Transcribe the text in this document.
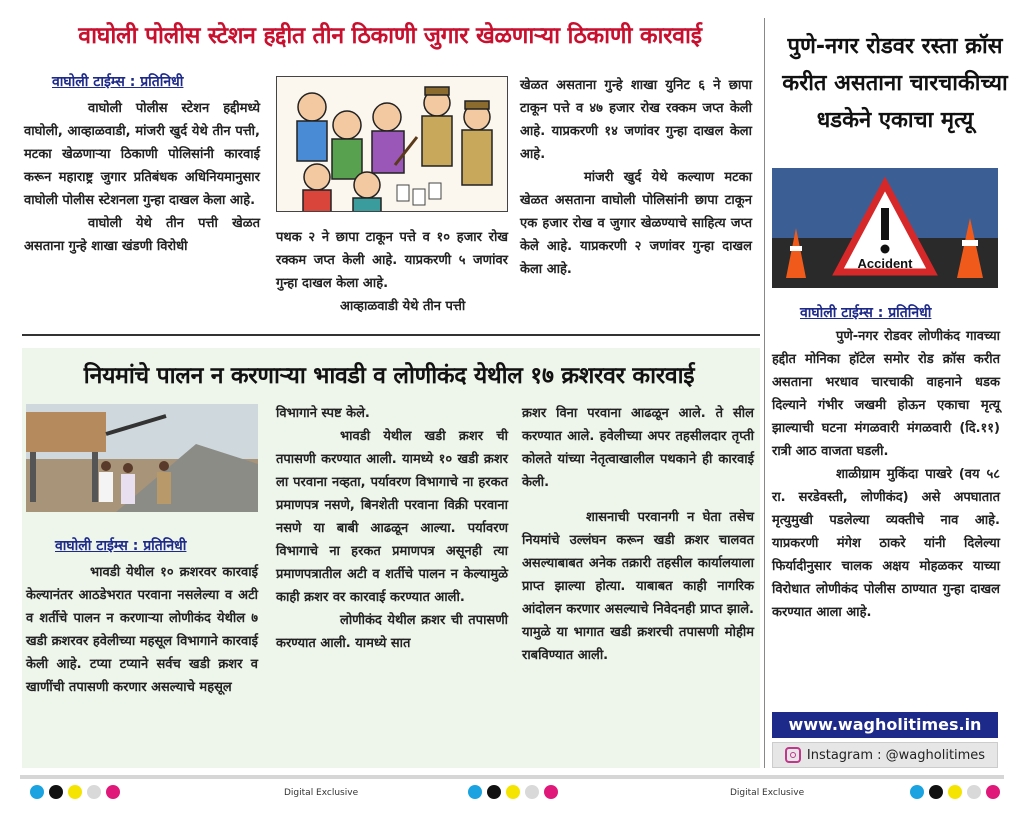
वाघोली पोलीस स्टेशन हद्दीत तीन ठिकाणी जुगार खेळणाऱ्या ठिकाणी कारवाई
वाघोली टाईम्स : प्रतिनिधी

वाघोली पोलीस स्टेशन हद्दीमध्ये वाघोली, आव्हाळवाडी, मांजरी खुर्द येथे तीन पत्ती, मटका खेळणाऱ्या ठिकाणी पोलिसांनी कारवाई करून महाराष्ट्र जुगार प्रतिबंधक अधिनियमानुसार वाघोली पोलीस स्टेशनला गुन्हा दाखल केला आहे.

वाघोली येथे तीन पत्ती खेळत असताना गुन्हे शाखा खंडणी विरोधी

पथक २ ने छापा टाकून पत्ते व १० हजार रोख रक्कम जप्त केली आहे. याप्रकरणी ५ जणांवर गुन्हा दाखल केला आहे.

आव्हाळवाडी येथे तीन पत्ती

खेळत असताना गुन्हे शाखा युनिट ६ ने छापा टाकून पत्ते व ४७ हजार रोख रक्कम जप्त केली आहे. याप्रकरणी १४ जणांवर गुन्हा दाखल केला आहे.

मांजरी खुर्द येथे कल्याण मटका खेळत असताना वाघोली पोलिसांनी छापा टाकून एक हजार रोख व जुगार खेळण्याचे साहित्य जप्त केले आहे. याप्रकरणी २ जणांवर गुन्हा दाखल केला आहे.

नियमांचे पालन न करणाऱ्या भावडी व लोणीकंद येथील १७ क्रशरवर कारवाई
वाघोली टाईम्स : प्रतिनिधी

भावडी येथील १० क्रशरवर कारवाई केल्यानंतर आठडेभरात परवाना नसलेल्या व अटी व शर्तीचे पालन न करणाऱ्या लोणीकंद येथील ७ खडी क्रशरवर हवेलीच्या महसूल विभागाने कारवाई केली आहे. टप्या टप्याने सर्वच खडी क्रशर व खाणींची तपासणी करणार असल्याचे महसूल

विभागाने स्पष्ट केले.

भावडी येथील खडी क्रशर ची तपासणी करण्यात आली. यामध्ये १० खडी क्रशर ला परवाना नव्हता, पर्यावरण विभागाचे ना हरकत प्रमाणपत्र नसणे, बिनशेती परवाना विक्री परवाना नसणे या बाबी आढळून आल्या. पर्यावरण विभागाचे ना हरकत प्रमाणपत्र असूनही त्या प्रमाणपत्रातील अटी व शर्तीचे पालन न केल्यामुळे काही क्रशर वर कारवाई करण्यात आली.

लोणीकंद येथील क्रशर ची तपासणी करण्यात आली. यामध्ये सात

क्रशर विना परवाना आढळून आले. ते सील करण्यात आले. हवेलीच्या अपर तहसीलदार तृप्ती कोलते यांच्या नेतृत्वाखालील पथकाने ही कारवाई केली.

शासनाची परवानगी न घेता तसेच नियमांचे उल्लंघन करून खडी क्रशर चालवत असल्याबाबत अनेक तक्रारी तहसील कार्यालयाला प्राप्त झाल्या होत्या. याबाबत काही नागरिक आंदोलन करणार असल्याचे निवेदनही प्राप्त झाले. यामुळे या भागात खडी क्रशरची तपासणी मोहीम राबविण्यात आली.

पुणे-नगर रोडवर रस्ता क्रॉस करीत असताना चारचाकीच्या धडकेने एकाचा मृत्यू
Accident
वाघोली टाईम्स : प्रतिनिधी

पुणे-नगर रोडवर लोणीकंद गावच्या हद्दीत मोनिका हॉटेल समोर रोड क्रॉस करीत असताना भरधाव चारचाकी वाहनाने धडक दिल्याने गंभीर जखमी होऊन एकाचा मृत्यू झाल्याची घटना मंगळवारी मंगळवारी (दि.११) रात्री आठ वाजता घडली.

शाळीग्राम मुकिंदा पाखरे (वय ५८ रा. सरडेवस्ती, लोणीकंद) असे अपघातात मृत्युमुखी पडलेल्या व्यक्तीचे नाव आहे. याप्रकरणी मंगेश ठाकरे यांनी दिलेल्या फिर्यादीनुसार चालक अक्षय मोहळकर याच्या विरोधात लोणीकंद पोलीस ठाण्यात गुन्हा दाखल करण्यात आला आहे.

www.wagholitimes.in
Instagram : @wagholitimes
Digital Exclusive	Digital Exclusive
